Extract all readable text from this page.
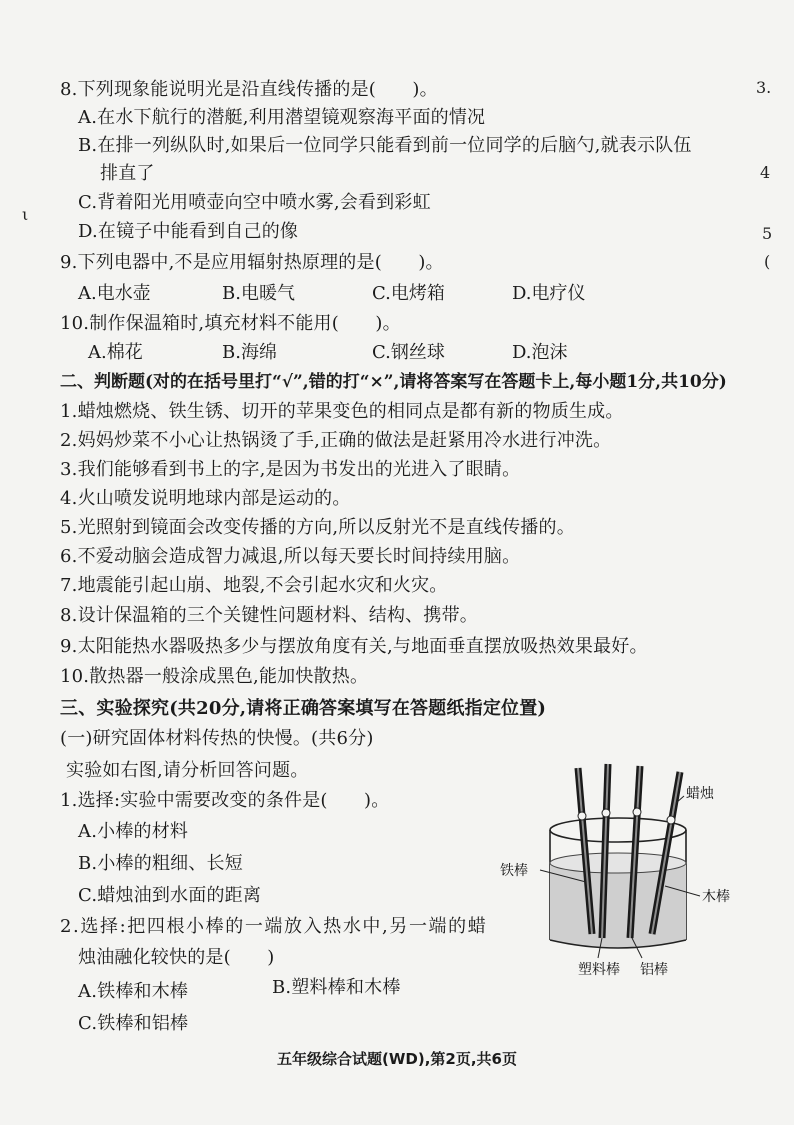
3.
4
5
(
ι
8.下列现象能说明光是沿直线传播的是(　　)。
A.在水下航行的潜艇,利用潜望镜观察海平面的情况
B.在排一列纵队时,如果后一位同学只能看到前一位同学的后脑勺,就表示队伍
排直了
C.背着阳光用喷壶向空中喷水雾,会看到彩虹
D.在镜子中能看到自己的像
9.下列电器中,不是应用辐射热原理的是(　　)。
A.电水壶	B.电暖气	C.电烤箱	D.电疗仪
10.制作保温箱时,填充材料不能用(　　)。
A.棉花	B.海绵	C.钢丝球	D.泡沫
二、判断题(对的在括号里打“√”,错的打“×”,请将答案写在答题卡上,每小题1分,共10分)
1.蜡烛燃烧、铁生锈、切开的苹果变色的相同点是都有新的物质生成。
2.妈妈炒菜不小心让热锅烫了手,正确的做法是赶紧用冷水进行冲洗。
3.我们能够看到书上的字,是因为书发出的光进入了眼睛。
4.火山喷发说明地球内部是运动的。
5.光照射到镜面会改变传播的方向,所以反射光不是直线传播的。
6.不爱动脑会造成智力减退,所以每天要长时间持续用脑。
7.地震能引起山崩、地裂,不会引起水灾和火灾。
8.设计保温箱的三个关键性问题材料、结构、携带。
9.太阳能热水器吸热多少与摆放角度有关,与地面垂直摆放吸热效果最好。
10.散热器一般涂成黑色,能加快散热。
三、实验探究(共20分,请将正确答案填写在答题纸指定位置)
(一)研究固体材料传热的快慢。(共6分)
实验如右图,请分析回答问题。
1.选择:实验中需要改变的条件是(　　)。
A.小棒的材料
B.小棒的粗细、长短
C.蜡烛油到水面的距离
2.选择:把四根小棒的一端放入热水中,另一端的蜡
烛油融化较快的是(　　)
A.铁棒和木棒	B.塑料棒和木棒
C.铁棒和铝棒
蜡烛
铁棒
木棒
塑料棒 铝棒
五年级综合试题(WD),第2页,共6页
